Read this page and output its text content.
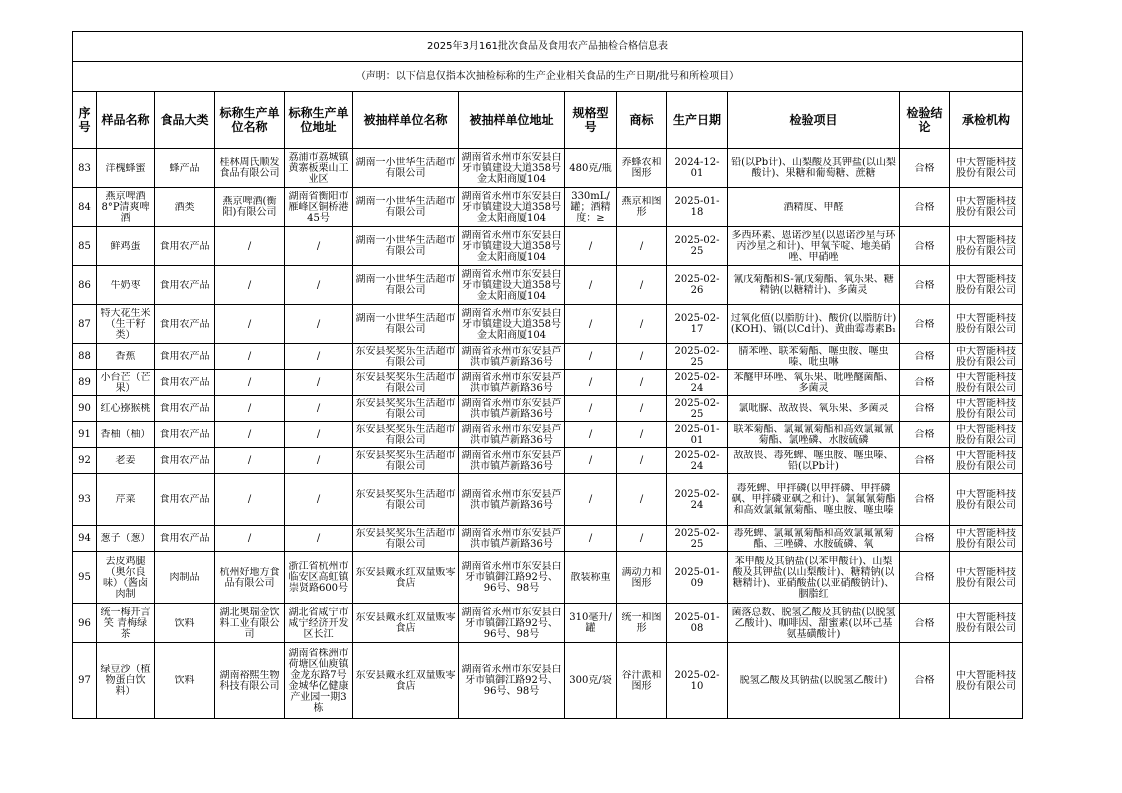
2025年3月161批次食品及食用农产品抽检合格信息表												
（声明：以下信息仅指本次抽检标称的生产企业相关食品的生产日期/批号和所检项目）												
序号	样品名称	食品大类	标称生产单位名称	标称生产单位地址	被抽样单位名称	被抽样单位地址	规格型号	商标	生产日期	检验项目	检验结论	承检机构

83	洋槐蜂蜜	蜂产品	桂林周氏顺发食品有限公司	荔浦市荔城镇黄寨板栗山工业区	湖南一小世华生活超市有限公司	湖南省永州市东安县白牙市镇建设大道358号金太阳商厦104	480克/瓶	养蜂农和图形	2024-12-01	铅(以Pb计)、山梨酸及其钾盐(以山梨酸计)、果糖和葡萄糖、蔗糖	合格	中大智能科技股份有限公司

84	燕京啤酒8°P清爽啤酒	酒类	燕京啤酒(衡阳)有限公司	湖南省衡阳市雁峰区铜桥港45号	湖南一小世华生活超市有限公司	湖南省永州市东安县白牙市镇建设大道358号金太阳商厦104	330mL/罐；酒精度：≥	燕京和图形	2025-01-18	酒精度、甲醛	合格	中大智能科技股份有限公司

85	鲜鸡蛋	食用农产品	/	/	湖南一小世华生活超市有限公司	湖南省永州市东安县白牙市镇建设大道358号金太阳商厦104	/	/	2025-02-25	多西环素、恩诺沙星(以恩诺沙星与环丙沙星之和计)、甲氧苄啶、地美硝唑、甲硝唑	合格	中大智能科技股份有限公司

86	牛奶枣	食用农产品	/	/	湖南一小世华生活超市有限公司	湖南省永州市东安县白牙市镇建设大道358号金太阳商厦104	/	/	2025-02-26	氰戊菊酯和S-氰戊菊酯、氧乐果、糖精钠(以糖精计)、多菌灵	合格	中大智能科技股份有限公司

87	特大花生米（生干籽类）	食用农产品	/	/	湖南一小世华生活超市有限公司	湖南省永州市东安县白牙市镇建设大道358号金太阳商厦104	/	/	2025-02-17	过氧化值(以脂肪计)、酸价(以脂肪计)(KOH)、镉(以Cd计)、黄曲霉毒素B₁	合格	中大智能科技股份有限公司

88	香蕉	食用农产品	/	/	东安县奖奖乐生活超市有限公司	湖南省永州市东安县芦洪市镇芦新路36号	/	/	2025-02-25	腈苯唑、联苯菊酯、噻虫胺、噻虫嗪、吡虫啉	合格	中大智能科技股份有限公司

89	小台芒（芒果）	食用农产品	/	/	东安县奖奖乐生活超市有限公司	湖南省永州市东安县芦洪市镇芦新路36号	/	/	2025-02-24	苯醚甲环唑、氧乐果、吡唑醚菌酯、多菌灵	合格	中大智能科技股份有限公司

90	红心猕猴桃	食用农产品	/	/	东安县奖奖乐生活超市有限公司	湖南省永州市东安县芦洪市镇芦新路36号	/	/	2025-02-25	氯吡脲、敌敌畏、氧乐果、多菌灵	合格	中大智能科技股份有限公司

91	香柚（柚）	食用农产品	/	/	东安县奖奖乐生活超市有限公司	湖南省永州市东安县芦洪市镇芦新路36号	/	/	2025-01-01	联苯菊酯、氯氟氰菊酯和高效氯氟氰菊酯、氯唑磷、水胺硫磷	合格	中大智能科技股份有限公司

92	老姜	食用农产品	/	/	东安县奖奖乐生活超市有限公司	湖南省永州市东安县芦洪市镇芦新路36号	/	/	2025-02-24	敌敌畏、毒死蜱、噻虫胺、噻虫嗪、铅(以Pb计)	合格	中大智能科技股份有限公司

93	芹菜	食用农产品	/	/	东安县奖奖乐生活超市有限公司	湖南省永州市东安县芦洪市镇芦新路36号	/	/	2025-02-24	毒死蜱、甲拌磷(以甲拌磷、甲拌磷砜、甲拌磷亚砜之和计)、氯氟氰菊酯和高效氯氟氰菊酯、噻虫胺、噻虫嗪	合格	中大智能科技股份有限公司

94	葱子（葱）	食用农产品	/	/	东安县奖奖乐生活超市有限公司	湖南省永州市东安县芦洪市镇芦新路36号	/	/	2025-02-25	毒死蜱、氯氟氰菊酯和高效氯氟氰菊酯、三唑磷、水胺硫磷、氧	合格	中大智能科技股份有限公司

95	去皮鸡腿（奥尔良味）（酱卤肉制	肉制品	杭州好地方食品有限公司	浙江省杭州市临安区高虹镇崇贤路600号	东安县戴永红双量贩零食店	湖南省永州市东安县白牙市镇御江路92号、96号、98号	散装称重	满动力和图形	2025-01-09	苯甲酸及其钠盐(以苯甲酸计)、山梨酸及其钾盐(以山梨酸计)、糖精钠(以糖精计)、亚硝酸盐(以亚硝酸钠计)、胭脂红	合格	中大智能科技股份有限公司

96	统一梅开言笑 青梅绿茶	饮料	湖北奥瑞金饮料工业有限公司	湖北省咸宁市咸宁经济开发区长江	东安县戴永红双量贩零食店	湖南省永州市东安县白牙市镇御江路92号、96号、98号	310毫升/罐	统一和图形	2025-01-08	菌落总数、脱氢乙酸及其钠盐(以脱氢乙酸计)、咖啡因、甜蜜素(以环己基氨基磺酸计)	合格	中大智能科技股份有限公司

97	绿豆沙（植物蛋白饮料）	饮料	湖南裕熙生物科技有限公司	湖南省株洲市荷塘区仙庾镇金龙东路7号金城华亿健康产业园一期3栋	东安县戴永红双量贩零食店	湖南省永州市东安县白牙市镇御江路92号、96号、98号	300克/袋	谷汁派和图形	2025-02-10	脱氢乙酸及其钠盐(以脱氢乙酸计)	合格	中大智能科技股份有限公司
